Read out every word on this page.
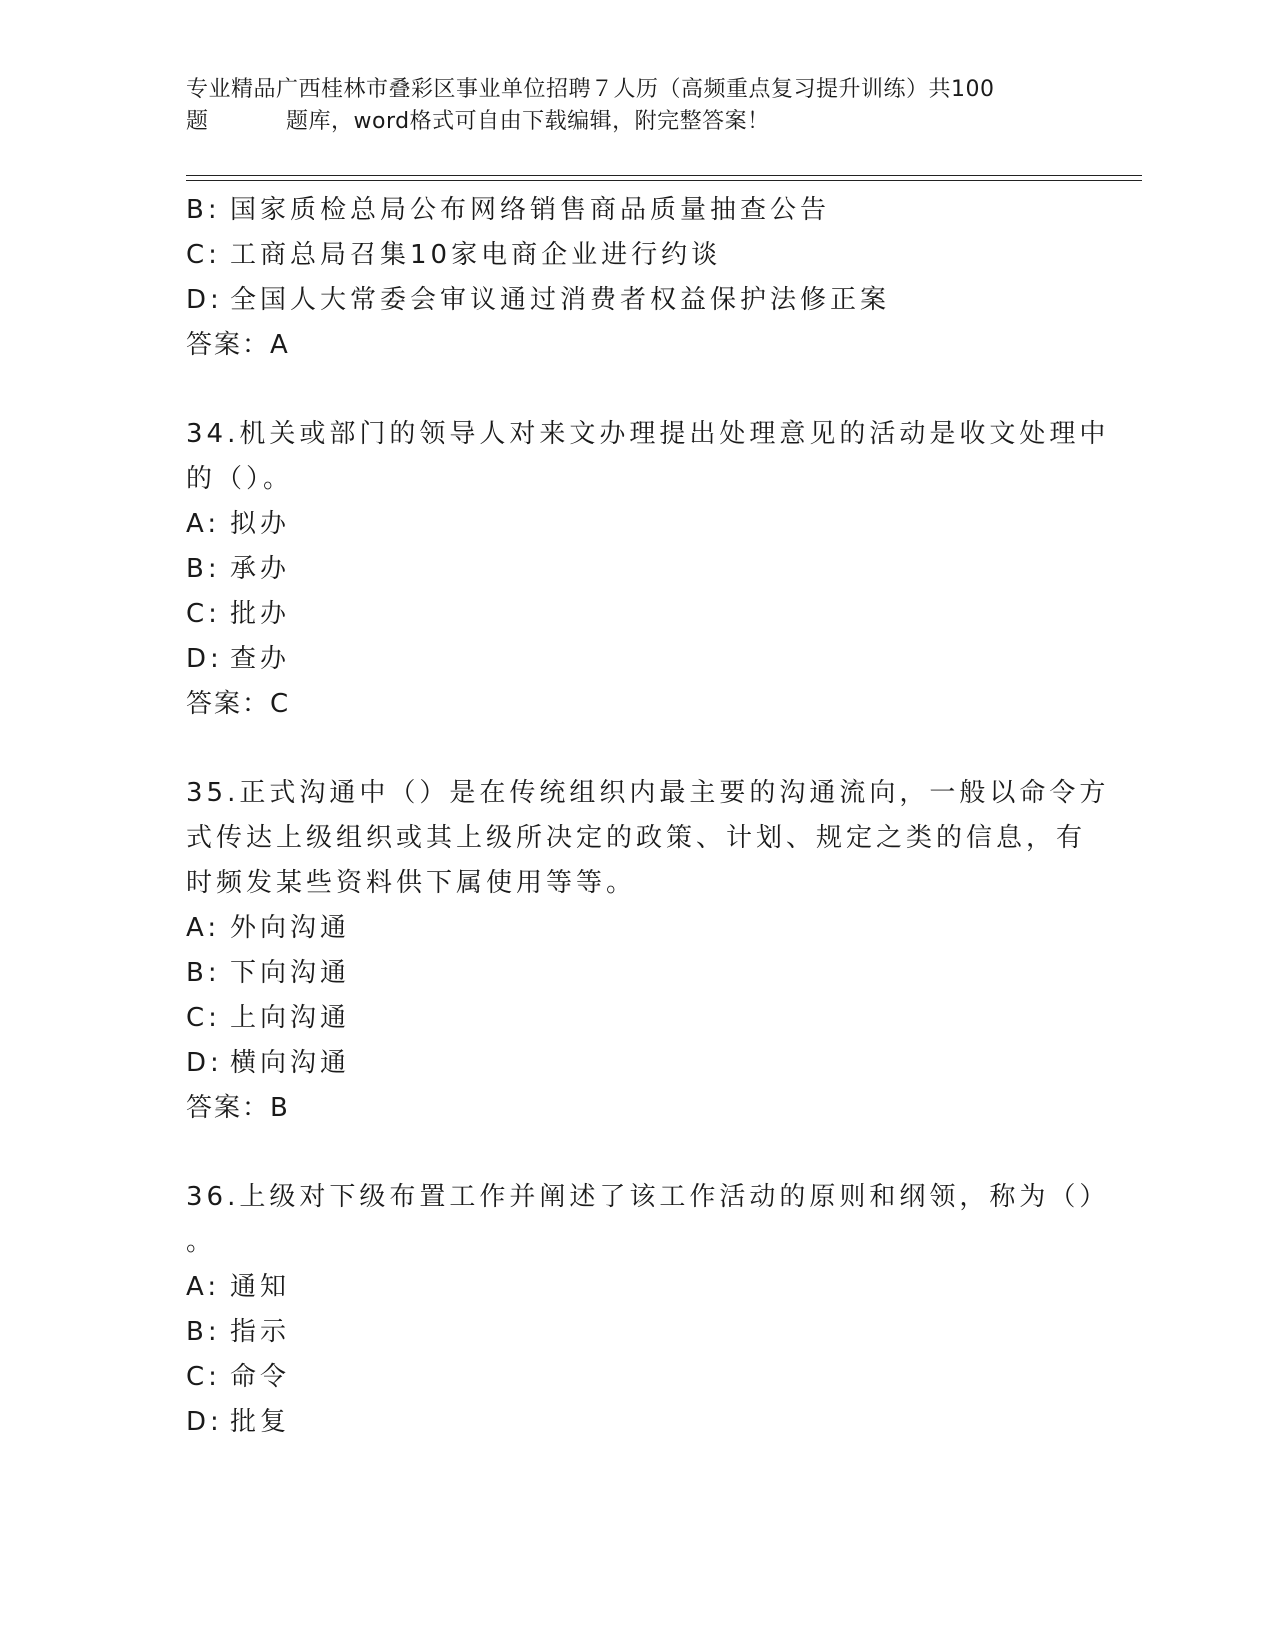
专业精品广西桂林市叠彩区事业单位招聘７人历（高频重点复习提升训练）共100
题	题库，word格式可自由下载编辑，附完整答案！
B: 国家质检总局公布网络销售商品质量抽查公告
C: 工商总局召集10家电商企业进行约谈
D: 全国人大常委会审议通过消费者权益保护法修正案
答案：A
34.机关或部门的领导人对来文办理提出处理意见的活动是收文处理中
的（）。
A: 拟办
B: 承办
C: 批办
D: 查办
答案：C
35.正式沟通中（）是在传统组织内最主要的沟通流向，一般以命令方
式传达上级组织或其上级所决定的政策、计划、规定之类的信息，有
时频发某些资料供下属使用等等。
A: 外向沟通
B: 下向沟通
C: 上向沟通
D: 横向沟通
答案：B
36.上级对下级布置工作并阐述了该工作活动的原则和纲领，称为（）
。
A: 通知
B: 指示
C: 命令
D: 批复
